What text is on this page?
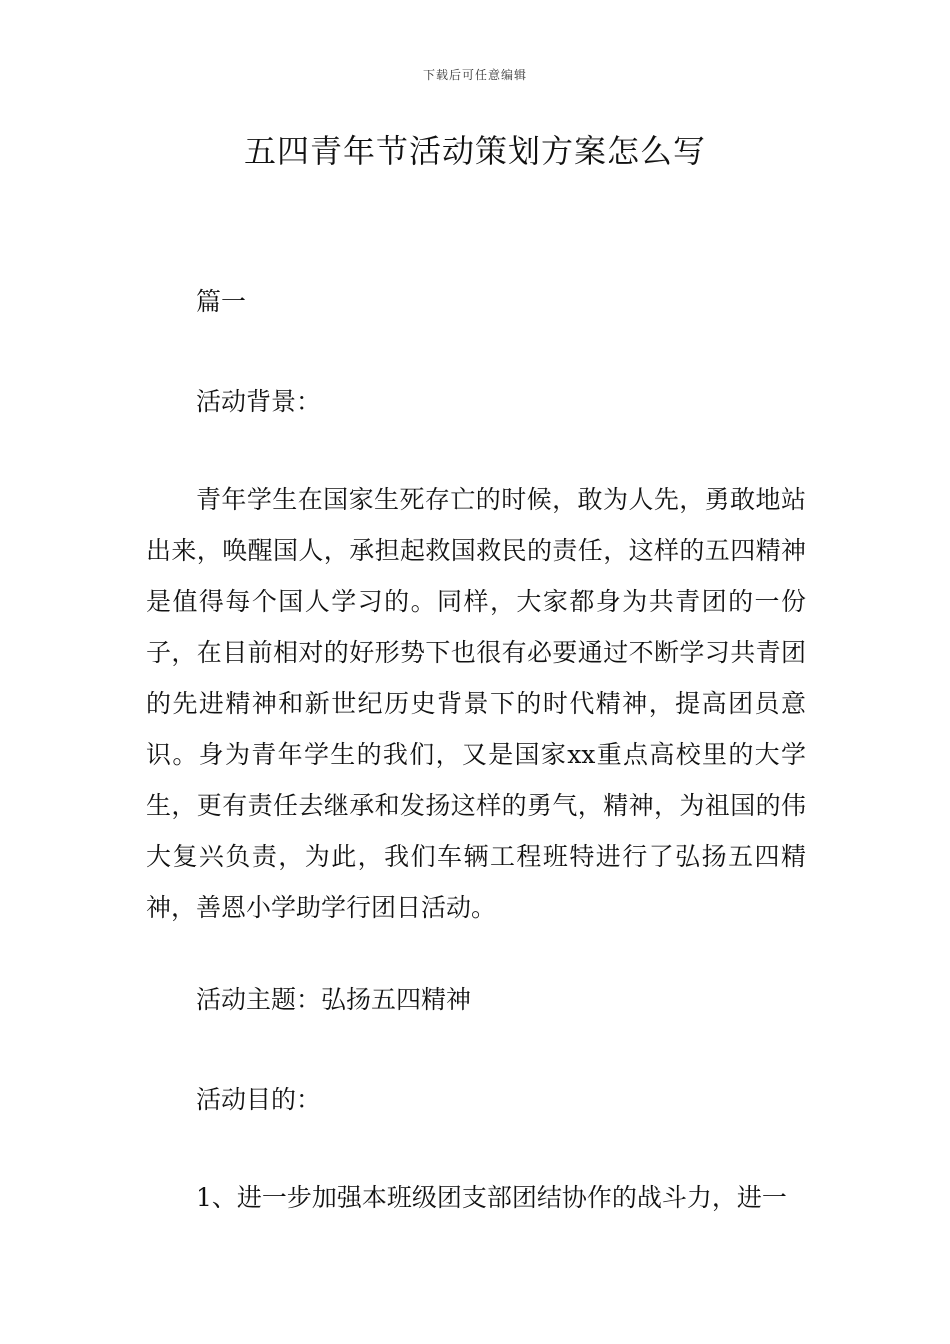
下载后可任意编辑
五四青年节活动策划方案怎么写

篇一

活动背景：

青年学生在国家生死存亡的时候，敢为人先，勇敢地站出来，唤醒国人，承担起救国救民的责任，这样的五四精神是值得每个国人学习的。同样，大家都身为共青团的一份子，在目前相对的好形势下也很有必要通过不断学习共青团的先进精神和新世纪历史背景下的时代精神，提高团员意识。身为青年学生的我们，又是国家xx重点高校里的大学生，更有责任去继承和发扬这样的勇气，精神，为祖国的伟大复兴负责，为此，我们车辆工程班特进行了弘扬五四精神，善恩小学助学行团日活动。

活动主题：弘扬五四精神

活动目的：

1、进一步加强本班级团支部团结协作的战斗力，进一
